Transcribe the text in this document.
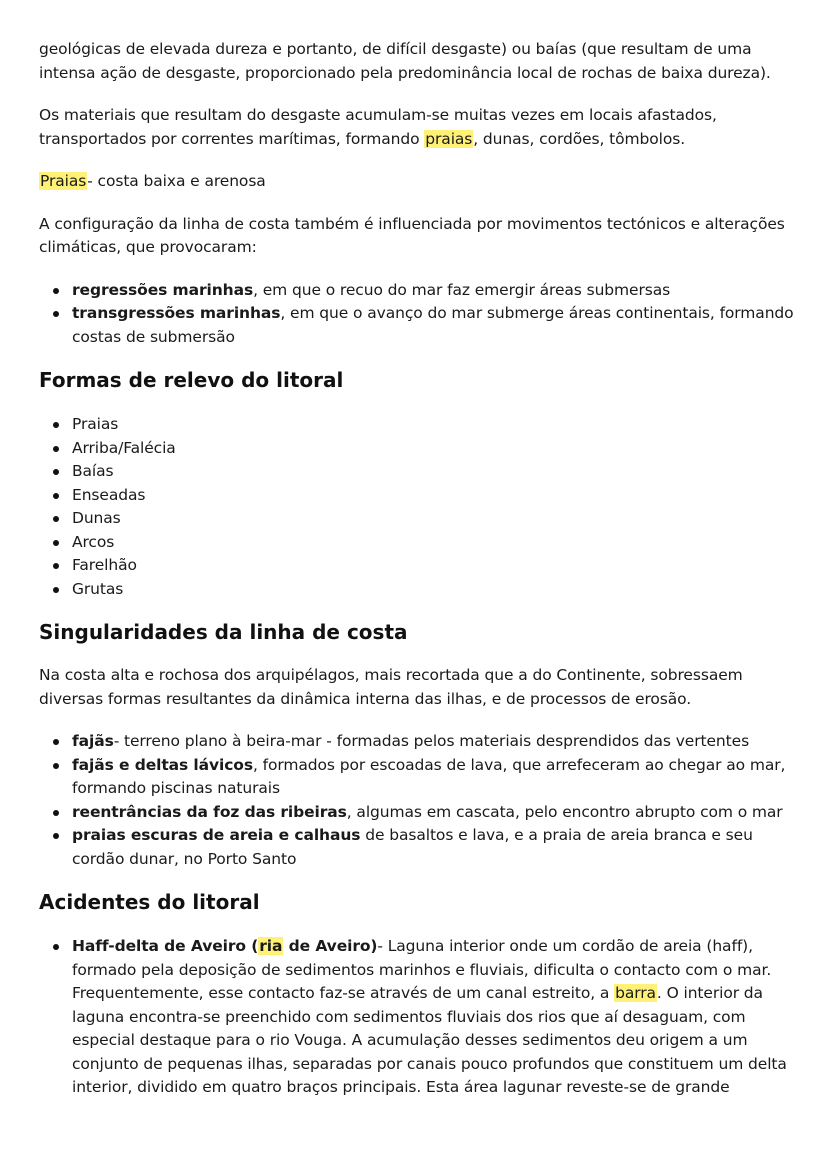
geológicas de elevada dureza e portanto, de difícil desgaste) ou baías (que resultam de uma intensa ação de desgaste, proporcionado pela predominância local de rochas de baixa dureza).

Os materiais que resultam do desgaste acumulam-se muitas vezes em locais afastados, transportados por correntes marítimas, formando praias, dunas, cordões, tômbolos.

Praias- costa baixa e arenosa

A configuração da linha de costa também é influenciada por movimentos tectónicos e alterações climáticas, que provocaram:

regressões marinhas, em que o recuo do mar faz emergir áreas submersas
transgressões marinhas, em que o avanço do mar submerge áreas continentais, formando costas de submersão
Formas de relevo do litoral
Praias
Arriba/Falécia
Baías
Enseadas
Dunas
Arcos
Farelhão
Grutas
Singularidades da linha de costa

Na costa alta e rochosa dos arquipélagos, mais recortada que a do Continente, sobressaem diversas formas resultantes da dinâmica interna das ilhas, e de processos de erosão.

fajãs- terreno plano à beira-mar - formadas pelos materiais desprendidos das vertentes
fajãs e deltas lávicos, formados por escoadas de lava, que arrefeceram ao chegar ao mar, formando piscinas naturais
reentrâncias da foz das ribeiras, algumas em cascata, pelo encontro abrupto com o mar
praias escuras de areia e calhaus de basaltos e lava, e a praia de areia branca e seu cordão dunar, no Porto Santo
Acidentes do litoral
Haff-delta de Aveiro (ria de Aveiro)- Laguna interior onde um cordão de areia (haff), formado pela deposição de sedimentos marinhos e fluviais, dificulta o contacto com o mar. Frequentemente, esse contacto faz-se através de um canal estreito, a barra. O interior da laguna encontra-se preenchido com sedimentos fluviais dos rios que aí desaguam, com especial destaque para o rio Vouga. A acumulação desses sedimentos deu origem a um conjunto de pequenas ilhas, separadas por canais pouco profundos que constituem um delta interior, dividido em quatro braços principais. Esta área lagunar reveste-se de grande
